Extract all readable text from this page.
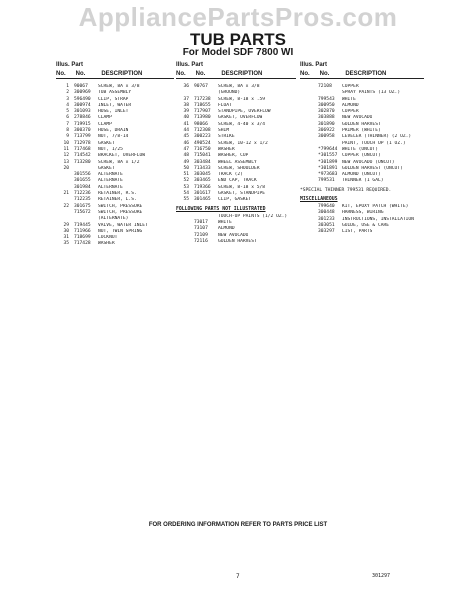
AppliancePartsPros.com
TUB PARTS
For Model SDF 7800 WI
Illus. Part
No. No.	DESCRIPTION
1	90067	SCREW, 8A x 3/8
2	300969	TUB ASSEMBLY
3	596490	CLIP, STRAP
4	300974	INLET, WATER
5	301093	HOSE, INLET
6	278846	CLAMP
7	719915	CLAMP
8	300370	HOSE, DRAIN
9	713799	NUT, 7/8-14
10	712978	GASKET
11	717468	NUT, 1/25
12	714542	BRACKET, OVERFLOW
13	713280	SCREW, 8A x 1/2
20	GASKET
301556	ALTERNATE
301655	ALTERNATE
301984	ALTERNATE
21	712236	RETAINER, R.S.
712235	RETAINER, L.S.
22	301675	SWITCH, PRESSURE
715672	SWITCH, PRESSURE
(ALTERNATE)
29	719445	VALVE, WATER INLET
30	711966	NUT, TWIN SPRING
31	718699	LOCKNUT
35	717428	WASHER
Illus. Part
No. No.	DESCRIPTION
36	90767	SCREW, 8A x 3/8
(GROUND)
37	717238	SCREW, 8-18 x .59
38	718655	FLOAT
39	717907	STANDPIPE, OVERFLOW
40	713980	GASKET, OVERFLOW
41	98066	SCREW, 4-40 x 3/4
44	712308	SHIM
45	300223	STRIKE
46	490524	SCREW, 10-12 x 1/2
47	716750	WASHER
48	715041	WASHER, CUP
49	303484	WHEEL ASSEMBLY
50	713433	SCREW, SHOULDER
51	303045	TRACK (2)
52	303465	END CAP, TRACK
53	719366	SCREW, 8-18 x 5/8
54	301617	GASKET, STANDPIPE
55	301465	CLIP, GASKET
FOLLOWING PARTS NOT ILLUSTRATED
TOUCH-UP PAINTS (1/2 OZ.)
73017	WHITE
73107	ALMOND
72109	NEW AVOCADO
72116	GOLDEN HARVEST
Illus. Part
No. No.	DESCRIPTION
72108	COPPER
SPRAY PAINTS (13 OZ.)
799543	WHITE
300950	ALMOND
302870	COPPER
303888	NEW AVOCADO
301890	GOLDEN HARVEST
306922	PRIMER (WHITE)
300958	LEVELER (THINNER) (2 OZ.)
PAINT, TOUCH UP (1 OZ.)
*799644	WHITE (UNCUT)
*301557	COPPER (UNCUT)
*301899	NEW AVOCADO (UNCUT)
*301891	GOLDEN HARVEST (UNCUT)
*973683	ALMOND (UNCUT)
799531	THINNER (1 GAL)
*SPECIAL THINNER 799531 REQUIRED.
MISCELLANEOUS
799640	KIT, EPOXY PATCH (WHITE)
300448	HARNESS, WIRING
301233	INSTRUCTIONS, INSTALLATION
303051	GUIDE, USE & CARE
303297	LIST, PARTS
FOR ORDERING INFORMATION REFER TO PARTS PRICE LIST
7	301297
